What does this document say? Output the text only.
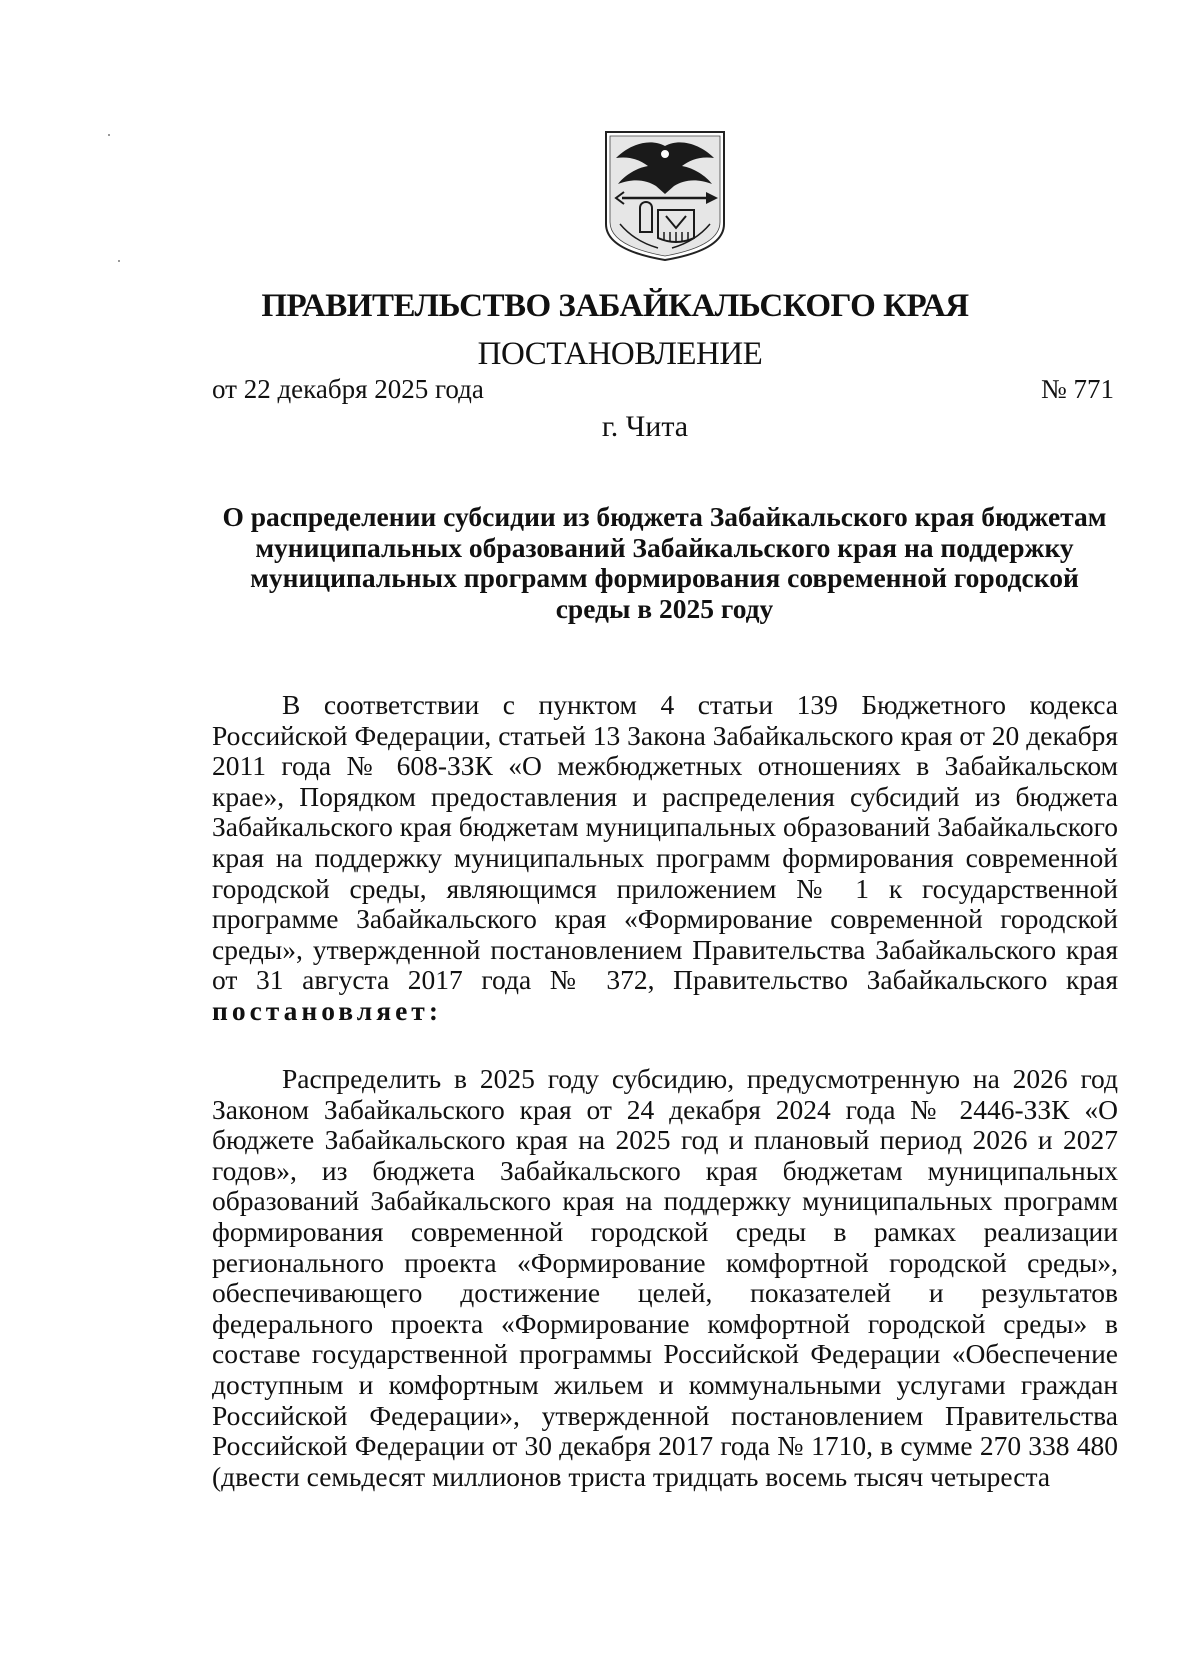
ПРАВИТЕЛЬСТВО ЗАБАЙКАЛЬСКОГО КРАЯ
ПОСТАНОВЛЕНИЕ
от 22 декабря 2025 года	№ 771
г. Чита
О распределении субсидии из бюджета Забайкальского края бюджетам муниципальных образований Забайкальского края на поддержку муниципальных программ формирования современной городской среды в 2025 году
В соответствии с пунктом 4 статьи 139 Бюджетного кодекса Российской Федерации, статьей 13 Закона Забайкальского края от 20 декабря 2011 года № 608-ЗЗК «О межбюджетных отношениях в Забайкальском крае», Порядком предоставления и распределения субсидий из бюджета Забайкальского края бюджетам муниципальных образований Забайкальского края на поддержку муниципальных программ формирования современной городской среды, являющимся приложением № 1 к государственной программе Забайкальского края «Формирование современной городской среды», утвержденной постановлением Правительства Забайкальского края от 31 августа 2017 года № 372, Правительство Забайкальского края постановляет:
Распределить в 2025 году субсидию, предусмотренную на 2026 год Законом Забайкальского края от 24 декабря 2024 года № 2446-ЗЗК «О бюджете Забайкальского края на 2025 год и плановый период 2026 и 2027 годов», из бюджета Забайкальского края бюджетам муниципальных образований Забайкальского края на поддержку муниципальных программ формирования современной городской среды в рамках реализации регионального проекта «Формирование комфортной городской среды», обеспечивающего достижение целей, показателей и результатов федерального проекта «Формирование комфортной городской среды» в составе государственной программы Российской Федерации «Обеспечение доступным и комфортным жильем и коммунальными услугами граждан Российской Федерации», утвержденной постановлением Правительства Российской Федерации от 30 декабря 2017 года № 1710, в сумме 270 338 480 (двести семьдесят миллионов триста тридцать восемь тысяч четыреста
